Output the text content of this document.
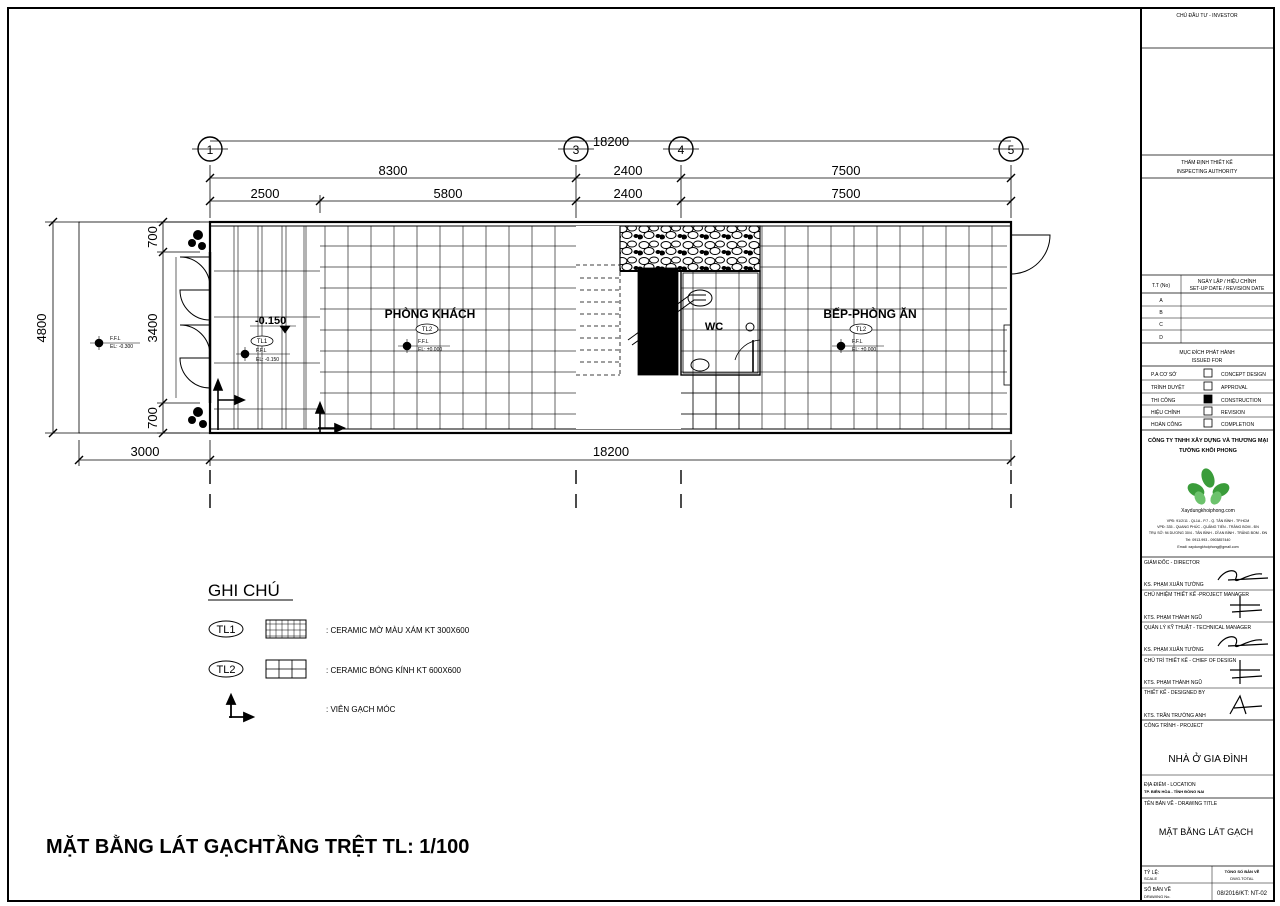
1	3	4	5
18200
8300	2400	7500
2500	5800	2400	7500
4800
700
3400
700
3000	18200
WC
PHÒNG KHÁCH	BẾP-PHÒNG ĂN
TL2	TL2
TL1
F.F.L
EL: -0.300
-0.150
F.F.L
EL: -0.150
F.F.L
EL: ±0.000
F.F.L
EL: ±0.000
GHI CHÚ
TL1	: CERAMIC MỜ MÀU XÁM KT 300X600
TL2	: CERAMIC BÓNG KÍNH KT 600X600
: VIÊN GẠCH MÓC
MẶT BẰNG LÁT GẠCHTẦNG TRỆT TL: 1/100
CHỦ ĐẦU TƯ - INVESTOR
THẨM ĐỊNH THIẾT KẾ
INSPECTING AUTHORITY
T.T (No)
NGÀY LẬP / HIỆU CHỈNH
SET-UP DATE / REVISION DATE
A
B
C
D
MỤC ĐÍCH PHÁT HÀNH
ISSUED FOR
P.A CƠ SỞ	CONCEPT DESIGN
TRÌNH DUYỆT	APPROVAL
THI CÔNG	CONSTRUCTION
HIỆU CHỈNH	REVISION
HOÀN CÔNG	COMPLETION
CÔNG TY TNHH XÂY DỰNG VÀ THƯƠNG MẠI
TƯỜNG KHÔI PHONG
Xaydungkhoiphong.com
VPĐ: 91/2/11 - QL1A - P.7 - Q. TÂN BÌNH - TP.HCM
VPĐ: 335 - QUANG PHÚC - QUẢNG TIẾN - TRẢNG BOM - ĐN
TRỤ SỞ: 94 DƯƠNG 30/4 - TÂN BÌNH - DĨ AN BÌNH - TRẢNG BOM - ĐN
Tel: 0913.993 - 0903857440
Email: xaydungkhoiphong@gmail.com
GIÁM ĐỐC - DIRECTOR
KS. PHẠM XUÂN TƯỜNG
CHỦ NHIỆM THIẾT KẾ -PROJECT MANAGER
KTS. PHẠM THÀNH NGŨ
QUẢN LÝ KỸ THUẬT - TECHNICAL MANAGER
KS. PHẠM XUÂN TƯỜNG
CHỦ TRÌ THIẾT KẾ - CHIEF OF DESIGN
KTS. PHẠM THÀNH NGŨ
THIẾT KẾ - DESIGNED BY
KTS. TRẦN TRƯỜNG ANH
CÔNG TRÌNH - PROJECT
NHÀ Ở GIA ĐÌNH
ĐỊA ĐIỂM - LOCATION
TP. BIÊN HÒA - TỈNH ĐỒNG NAI
TÊN BẢN VẼ - DRAWING TITLE
MẶT BẰNG LÁT GẠCH
TỶ LỆ:
SCALE
TỔNG SỐ BẢN VẼ
DWG.TOTAL
SỐ BẢN VẼ
DRAWING No.	08/2016/KT: NT-02
